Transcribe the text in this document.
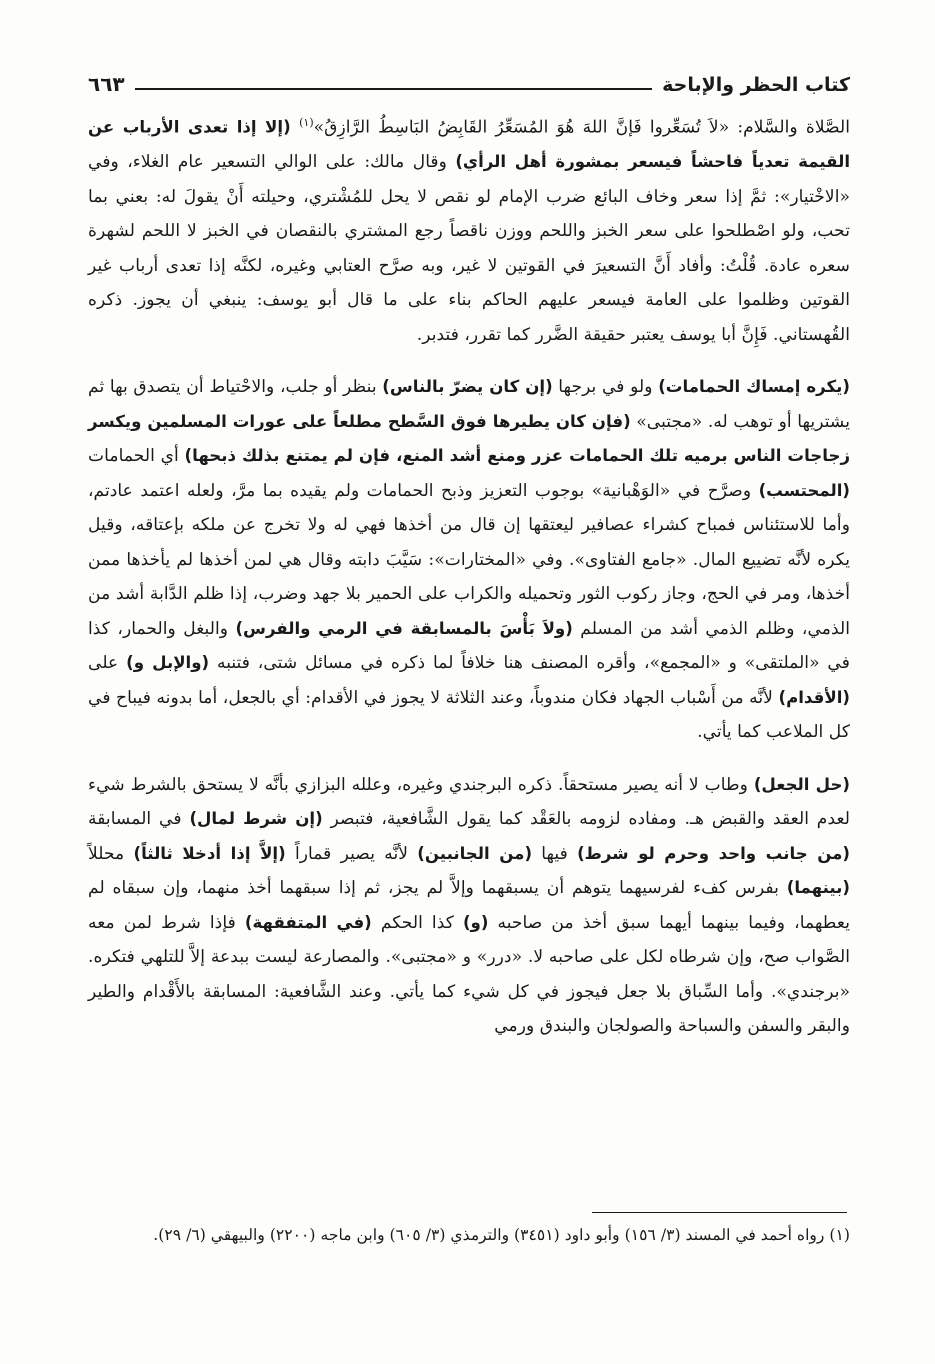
كتاب الحظر والإباحة
٦٦٣

الصَّلاة والسَّلام: «لاَ تُسَعِّروا فَإنَّ اللهَ هُوَ المُسَعِّرُ القَابِضُ البَاسِطُ الرَّازِقُ»$^{(١)}$ (إلا إذا تعدى الأرباب عن القيمة تعدياً فاحشاً فيسعر بمشورة أهل الرأي) وقال مالك: على الوالي التسعير عام الغلاء، وفي «الاخْتيار»: ثمَّ إذا سعر وخاف البائع ضرب الإمام لو نقص لا يحل للمُشْتري، وحيلته أَنْ يقولَ له: بعني بما تحب، ولو اصْطلحوا على سعر الخبز واللحم ووزن ناقصاً رجع المشتري بالنقصان في الخبز لا اللحم لشهرة سعره عادة. قُلْتُ: وأفاد أَنَّ التسعيرَ في القوتين لا غير، وبه صرَّح العتابي وغيره، لكنَّه إذا تعدى أرباب غير القوتين وظلموا على العامة فيسعر عليهم الحاكم بناء على ما قال أبو يوسف: ينبغي أن يجوز. ذكره القُهستاني. فَإِنَّ أبا يوسف يعتبر حقيقة الضَّرر كما تقرر، فتدبر.

(يكره إمساك الحمامات) ولو في برجها (إن كان يضرّ بالناس) بنظر أو جلب، والاحْتياط أن يتصدق بها ثم يشتريها أو توهب له. «مجتبى» (فإن كان يطيرها فوق السَّطح مطلعاً على عورات المسلمين ويكسر زجاجات الناس برميه تلك الحمامات عزر ومنع أشد المنع، فإن لم يمتنع بذلك ذبحها) أي الحمامات (المحتسب) وصرَّح في «الوَهْبانية» بوجوب التعزيز وذبح الحمامات ولم يقيده بما مرَّ، ولعله اعتمد عادتم، وأما للاستئناس فمباح كشراء عصافير ليعتقها إن قال من أخذها فهي له ولا تخرج عن ملكه بإعتاقه، وقيل يكره لأنَّه تضييع المال. «جامع الفتاوى». وفي «المختارات»: سَيَّبَ دابته وقال هي لمن أخذها لم يأخذها ممن أخذها، ومر في الحج، وجاز ركوب الثور وتحميله والكراب على الحمير بلا جهد وضرب، إذا ظلم الدَّابة أشد من الذمي، وظلم الذمي أشد من المسلم (ولاَ بَأْسَ بالمسابقة في الرمي والفرس) والبغل والحمار، كذا في «الملتقى» و «المجمع»، وأقره المصنف هنا خلافاً لما ذكره في مسائل شتى، فتنبه (والإبل و) على (الأقدام) لأنَّه من أَسْباب الجهاد فكان مندوباً، وعند الثلاثة لا يجوز في الأقدام: أي بالجعل، أما بدونه فيباح في كل الملاعب كما يأتي.

(حل الجعل) وطاب لا أنه يصير مستحقاً. ذكره البرجندي وغيره، وعلله البزازي بأنَّه لا يستحق بالشرط شيء لعدم العقد والقبض هـ. ومفاده لزومه بالعَقْد كما يقول الشَّافعية، فتبصر (إن شرط لمال) في المسابقة (من جانب واحد وحرم لو شرط) فيها (من الجانبين) لأنَّه يصير قماراً (إلاَّ إذا أدخلا ثالثاً) محللاً (بينهما) بفرس كفء لفرسيهما يتوهم أن يسبقهما وإلاَّ لم يجز، ثم إذا سبقهما أخذ منهما، وإن سبقاه لم يعطهما، وفيما بينهما أيهما سبق أخذ من صاحبه (و) كذا الحكم (في المتفقهة) فإذا شرط لمن معه الصَّواب صح، وإن شرطاه لكل على صاحبه لا. «درر» و «مجتبى». والمصارعة ليست ببدعة إلاَّ للتلهي فتكره. «برجندي». وأما السِّباق بلا جعل فيجوز في كل شيء كما يأتي. وعند الشَّافعية: المسابقة بالأَقْدام والطير والبقر والسفن والسباحة والصولجان والبندق ورمي

(١) رواه أحمد في المسند (٣/ ١٥٦) وأبو داود (٣٤٥١) والترمذي (٣/ ٦٠٥) وابن ماجه (٢٢٠٠) والبيهقي (٦/ ٢٩).
